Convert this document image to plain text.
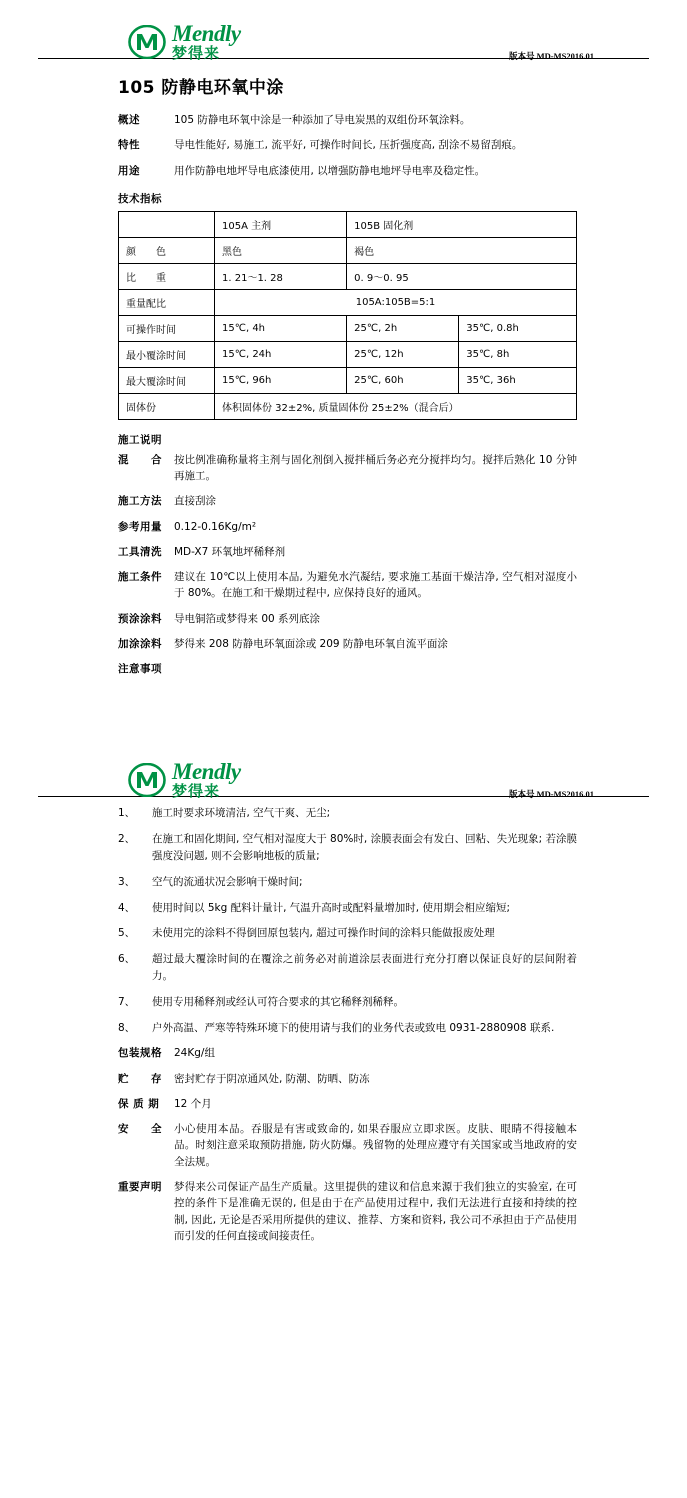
Mendly
梦得来	版本号 MD-MS2016.01
105 防静电环氧中涂
概述	105 防静电环氧中涂是一种添加了导电炭黑的双组份环氧涂料。
特性	导电性能好, 易施工, 流平好, 可操作时间长, 压折强度高, 刮涂不易留刮痕。
用途	用作防静电地坪导电底漆使用, 以增强防静电地坪导电率及稳定性。
技术指标
	105A 主剂	105B 固化剂	
颜　　色	黑色	褐色	
比　　重	1. 21～1. 28	0. 9～0. 95	
重量配比	105A:105B=5:1		
可操作时间	15℃, 4h	25℃, 2h	35℃, 0.8h
最小覆涂时间	15℃, 24h	25℃, 12h	35℃, 8h
最大覆涂时间	15℃, 96h	25℃, 60h	35℃, 36h
固体份	体积固体份 32±2%, 质量固体份 25±2%（混合后）		
施工说明
混　　合	按比例准确称量将主剂与固化剂倒入搅拌桶后务必充分搅拌均匀。搅拌后熟化 10 分钟再施工。
施工方法	直接刮涂
参考用量	0.12-0.16Kg/m²
工具清洗	MD-X7 环氧地坪稀释剂
施工条件	建议在 10℃以上使用本品, 为避免水汽凝结, 要求施工基面干燥洁净, 空气相对湿度小于 80%。在施工和干燥期过程中, 应保持良好的通风。
预涂涂料	导电铜箔或梦得来 00 系列底涂
加涂涂料	梦得来 208 防静电环氧面涂或 209 防静电环氧自流平面涂
注意事项
Mendly
梦得来	版本号 MD-MS2016.01
1、	施工时要求环境清洁, 空气干爽、无尘;
2、	在施工和固化期间, 空气相对湿度大于 80%时, 涂膜表面会有发白、回粘、失光现象; 若涂膜强度没问题, 则不会影响地板的质量;
3、	空气的流通状况会影响干燥时间;
4、	使用时间以 5kg 配料计量计, 气温升高时或配料量增加时, 使用期会相应缩短;
5、	未使用完的涂料不得倒回原包装内, 超过可操作时间的涂料只能做报废处理
6、	超过最大覆涂时间的在覆涂之前务必对前道涂层表面进行充分打磨以保证良好的层间附着力。
7、	使用专用稀释剂或经认可符合要求的其它稀释剂稀释。
8、	户外高温、严寒等特殊环境下的使用请与我们的业务代表或致电 0931-2880908 联系.
包装规格	24Kg/组
贮　　存	密封贮存于阴凉通风处, 防潮、防晒、防冻
保 质 期	12 个月
安　　全	小心使用本品。吞服是有害或致命的, 如果吞服应立即求医。皮肤、眼睛不得接触本品。时刻注意采取预防措施, 防火防爆。残留物的处理应遵守有关国家或当地政府的安全法规。
重要声明	梦得来公司保证产品生产质量。这里提供的建议和信息来源于我们独立的实验室, 在可控的条件下是准确无误的, 但是由于在产品使用过程中, 我们无法进行直接和持续的控制, 因此, 无论是否采用所提供的建议、推荐、方案和资料, 我公司不承担由于产品使用而引发的任何直接或间接责任。
